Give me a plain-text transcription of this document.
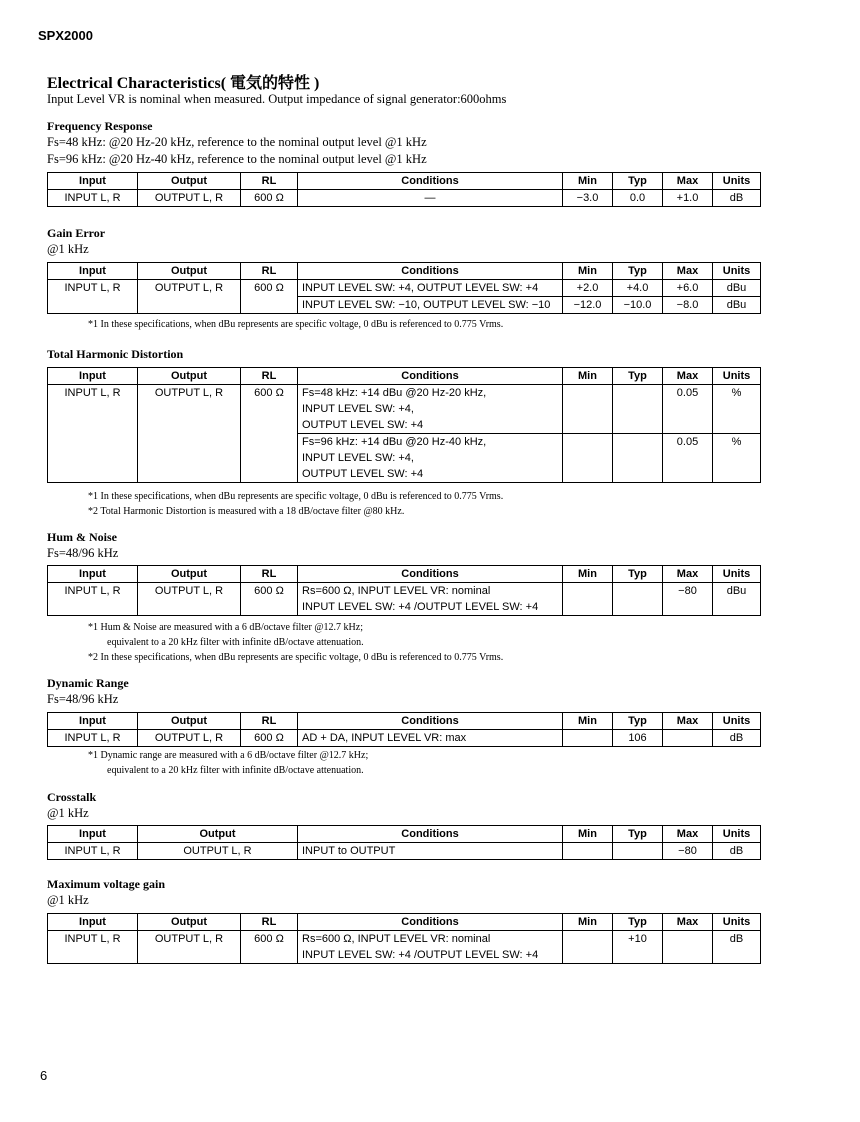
SPX2000
Electrical Characteristics( 電気的特性 )
Input Level VR is nominal when measured. Output impedance of signal generator:600ohms
Frequency Response
Fs=48 kHz: @20 Hz-20 kHz, reference to the nominal output level @1 kHz
Fs=96 kHz: @20 Hz-40 kHz, reference to the nominal output level @1 kHz
Input	Output	RL	Conditions	Min	Typ	Max	Units
INPUT L, R	OUTPUT L, R	600 Ω	—	−3.0	0.0	+1.0	dB
Gain Error
@1 kHz
Input	Output	RL	Conditions	Min	Typ	Max	Units
INPUT L, R	OUTPUT L, R	600 Ω	INPUT LEVEL SW: +4, OUTPUT LEVEL SW: +4	+2.0	+4.0	+6.0	dBu
			INPUT LEVEL SW: −10, OUTPUT LEVEL SW: −10	−12.0	−10.0	−8.0	dBu
*1 In these specifications, when dBu represents are specific voltage, 0 dBu is referenced to 0.775 Vrms.
Total Harmonic Distortion
Input	Output	RL	Conditions	Min	Typ	Max	Units
INPUT L, R	OUTPUT L, R	600 Ω	Fs=48 kHz: +14 dBu @20 Hz-20 kHz,			0.05	%
			INPUT LEVEL SW: +4,				
			OUTPUT LEVEL SW: +4				
			Fs=96 kHz: +14 dBu @20 Hz-40 kHz,			0.05	%
			INPUT LEVEL SW: +4,				
			OUTPUT LEVEL SW: +4				
*1 In these specifications, when dBu represents are specific voltage, 0 dBu is referenced to 0.775 Vrms.
*2 Total Harmonic Distortion is measured with a 18 dB/octave filter @80 kHz.
Hum & Noise
Fs=48/96 kHz
Input	Output	RL	Conditions	Min	Typ	Max	Units
INPUT L, R	OUTPUT L, R	600 Ω	Rs=600 Ω, INPUT LEVEL VR: nominal			−80	dBu
			INPUT LEVEL SW: +4 /OUTPUT LEVEL SW: +4				
*1 Hum & Noise are measured with a 6 dB/octave filter @12.7 kHz;
equivalent to a 20 kHz filter with infinite dB/octave attenuation.
*2 In these specifications, when dBu represents are specific voltage, 0 dBu is referenced to 0.775 Vrms.
Dynamic Range
Fs=48/96 kHz
Input	Output	RL	Conditions	Min	Typ	Max	Units
INPUT L, R	OUTPUT L, R	600 Ω	AD + DA, INPUT LEVEL VR: max		106		dB
*1 Dynamic range are measured with a 6 dB/octave filter @12.7 kHz;
equivalent to a 20 kHz filter with infinite dB/octave attenuation.
Crosstalk
@1 kHz
Input	Output	Conditions	Min	Typ	Max	Units
INPUT L, R	OUTPUT L, R	INPUT to OUTPUT			−80	dB
Maximum voltage gain
@1 kHz
Input	Output	RL	Conditions	Min	Typ	Max	Units
INPUT L, R	OUTPUT L, R	600 Ω	Rs=600 Ω, INPUT LEVEL VR: nominal		+10		dB
			INPUT LEVEL SW: +4 /OUTPUT LEVEL SW: +4				
6
